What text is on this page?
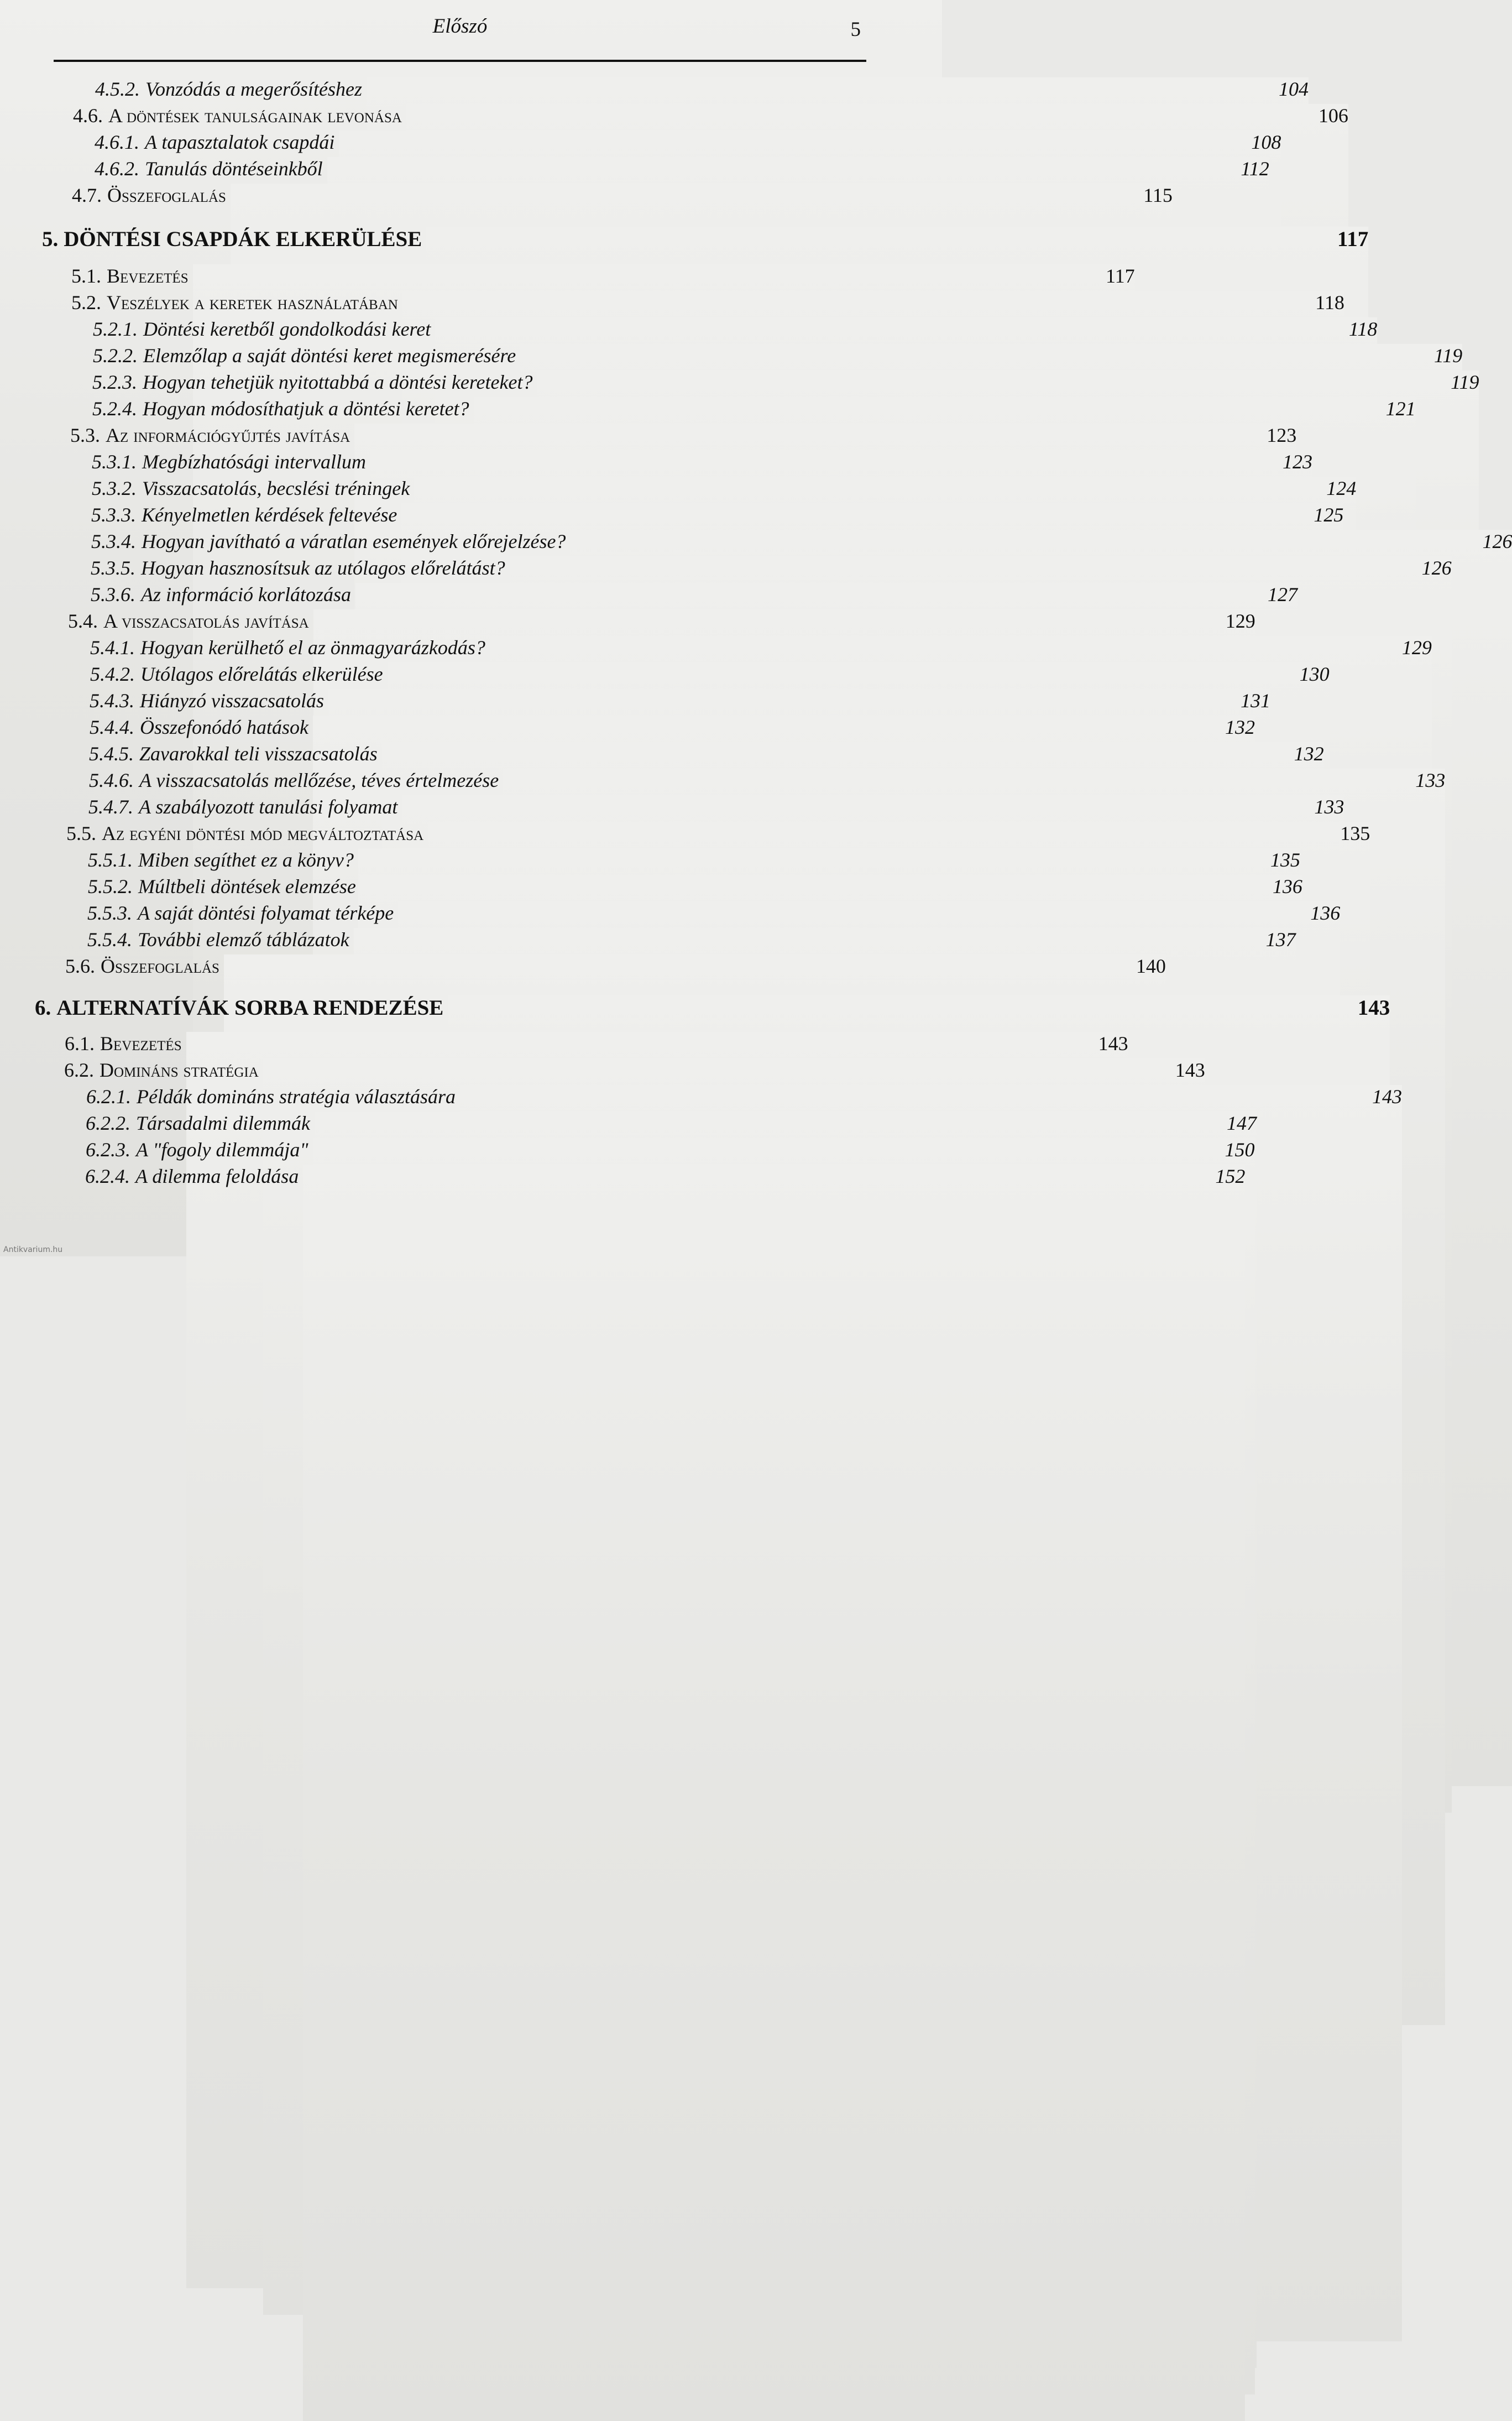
Előszó	5
4.5.2. Vonzódás a megerősítéshez	104
4.6. A döntések tanulságainak levonása	106
4.6.1. A tapasztalatok csapdái	108
4.6.2. Tanulás döntéseinkből	112
4.7. Összefoglalás	115
5. DÖNTÉSI CSAPDÁK ELKERÜLÉSE	117
5.1. Bevezetés	117
5.2. Veszélyek a keretek használatában	118
5.2.1. Döntési keretből gondolkodási keret	118
5.2.2. Elemzőlap a saját döntési keret megismerésére	119
5.2.3. Hogyan tehetjük nyitottabbá a döntési kereteket?	119
5.2.4. Hogyan módosíthatjuk a döntési keretet?	121
5.3. Az információgyűjtés javítása	123
5.3.1. Megbízhatósági intervallum	123
5.3.2. Visszacsatolás, becslési tréningek	124
5.3.3. Kényelmetlen kérdések feltevése	125
5.3.4. Hogyan javítható a váratlan események előrejelzése?	126
5.3.5. Hogyan hasznosítsuk az utólagos előrelátást?	126
5.3.6. Az információ korlátozása	127
5.4. A visszacsatolás javítása	129
5.4.1. Hogyan kerülhető el az önmagyarázkodás?	129
5.4.2. Utólagos előrelátás elkerülése	130
5.4.3. Hiányzó visszacsatolás	131
5.4.4. Összefonódó hatások	132
5.4.5. Zavarokkal teli visszacsatolás	132
5.4.6. A visszacsatolás mellőzése, téves értelmezése	133
5.4.7. A szabályozott tanulási folyamat	133
5.5. Az egyéni döntési mód megváltoztatása	135
5.5.1. Miben segíthet ez a könyv?	135
5.5.2. Múltbeli döntések elemzése	136
5.5.3. A saját döntési folyamat térképe	136
5.5.4. További elemző táblázatok	137
5.6. Összefoglalás	140
6. ALTERNATÍVÁK SORBA RENDEZÉSE	143
6.1. Bevezetés	143
6.2. Domináns stratégia	143
6.2.1. Példák domináns stratégia választására	143
6.2.2. Társadalmi dilemmák	147
6.2.3. A "fogoly dilemmája"	150
6.2.4. A dilemma feloldása	152
Antikvarium.hu
